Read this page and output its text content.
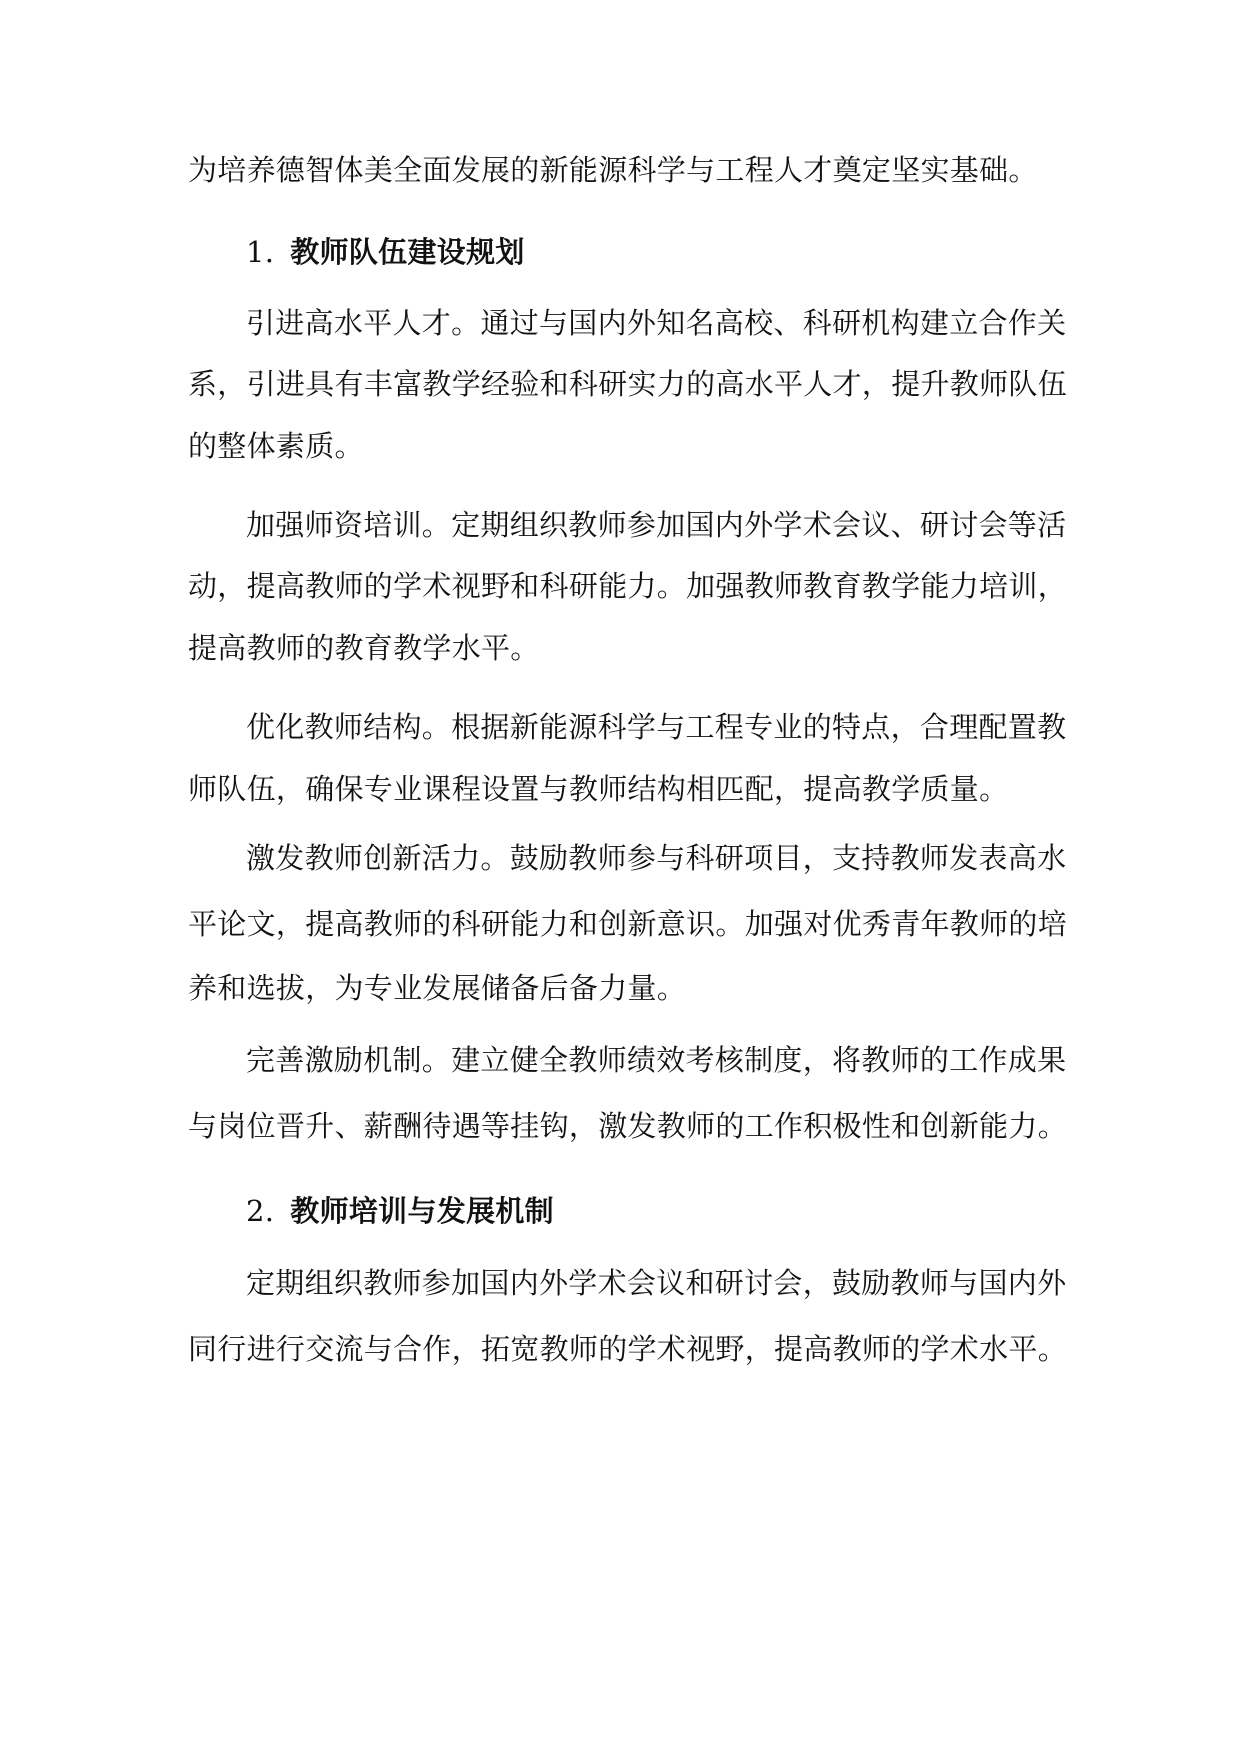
为培养德智体美全面发展的新能源科学与工程人才奠定坚实基础。
1. 教师队伍建设规划
引进高水平人才。通过与国内外知名高校、科研机构建立合作关
系，引进具有丰富教学经验和科研实力的高水平人才，提升教师队伍
的整体素质。
加强师资培训。定期组织教师参加国内外学术会议、研讨会等活
动，提高教师的学术视野和科研能力。加强教师教育教学能力培训，
提高教师的教育教学水平。
优化教师结构。根据新能源科学与工程专业的特点，合理配置教
师队伍，确保专业课程设置与教师结构相匹配，提高教学质量。
激发教师创新活力。鼓励教师参与科研项目，支持教师发表高水
平论文，提高教师的科研能力和创新意识。加强对优秀青年教师的培
养和选拔，为专业发展储备后备力量。
完善激励机制。建立健全教师绩效考核制度，将教师的工作成果
与岗位晋升、薪酬待遇等挂钩，激发教师的工作积极性和创新能力。
2. 教师培训与发展机制
定期组织教师参加国内外学术会议和研讨会，鼓励教师与国内外
同行进行交流与合作，拓宽教师的学术视野，提高教师的学术水平。
